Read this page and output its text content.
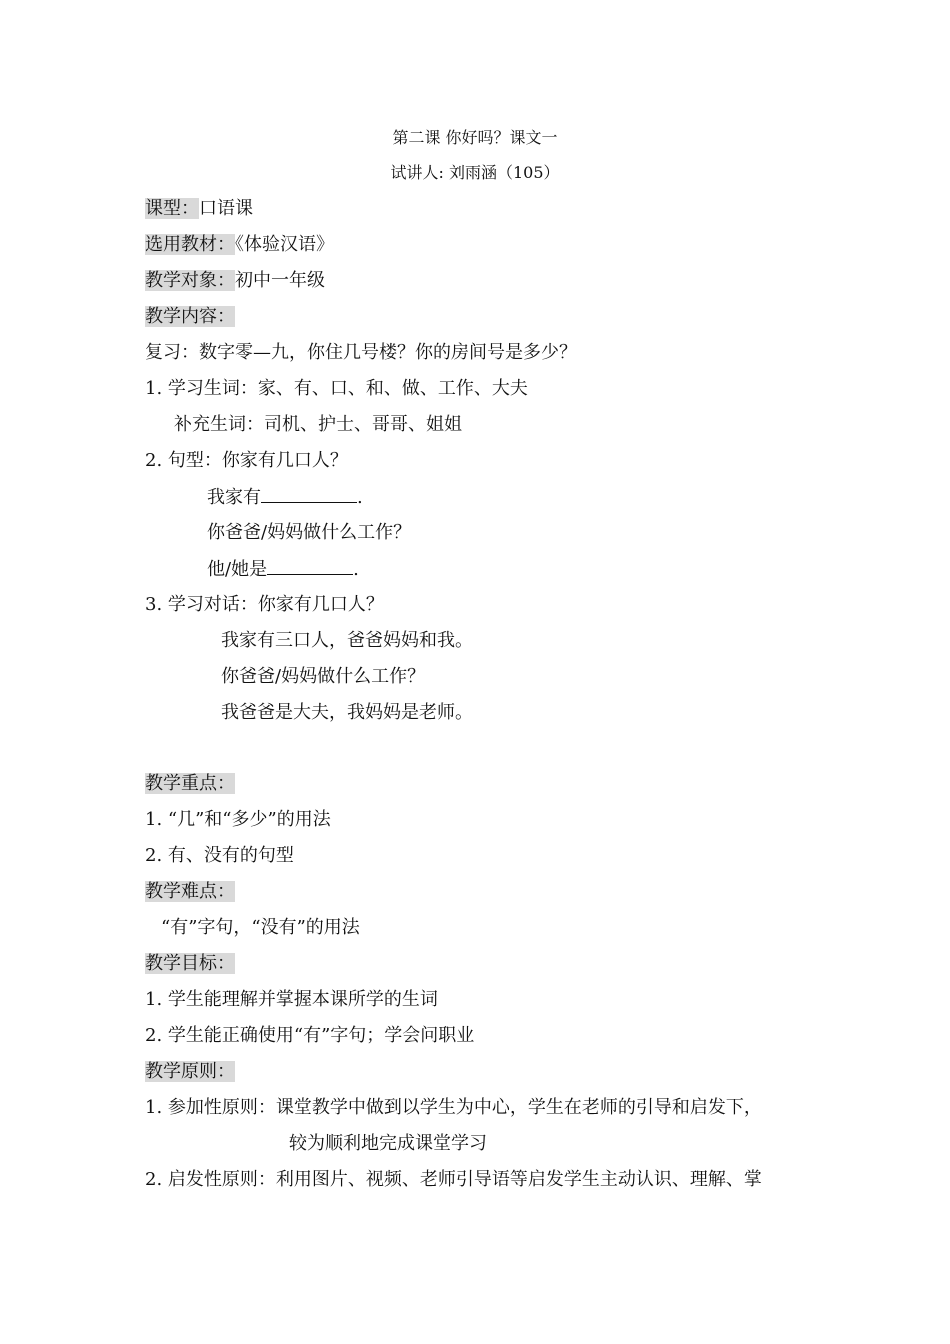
第二课 你好吗？课文一
试讲人: 刘雨涵（105）
课型：口语课
选用教材：《体验汉语》
教学对象：初中一年级
教学内容：
复习：数字零—九，你住几号楼？你的房间号是多少？
1. 学习生词：家、有、口、和、做、工作、大夫
补充生词：司机、护士、哥哥、姐姐
2. 句型：你家有几口人？
我家有	.
你爸爸/妈妈做什么工作？
他/她是	.
3. 学习对话：你家有几口人？
我家有三口人，爸爸妈妈和我。
你爸爸/妈妈做什么工作？
我爸爸是大夫，我妈妈是老师。
教学重点：
1. “几”和“多少”的用法
2. 有、没有的句型
教学难点：
“有”字句，“没有”的用法
教学目标：
1. 学生能理解并掌握本课所学的生词
2. 学生能正确使用“有”字句；学会问职业
教学原则：
1. 参加性原则：课堂教学中做到以学生为中心，学生在老师的引导和启发下，
较为顺利地完成课堂学习
2. 启发性原则：利用图片、视频、老师引导语等启发学生主动认识、理解、掌
